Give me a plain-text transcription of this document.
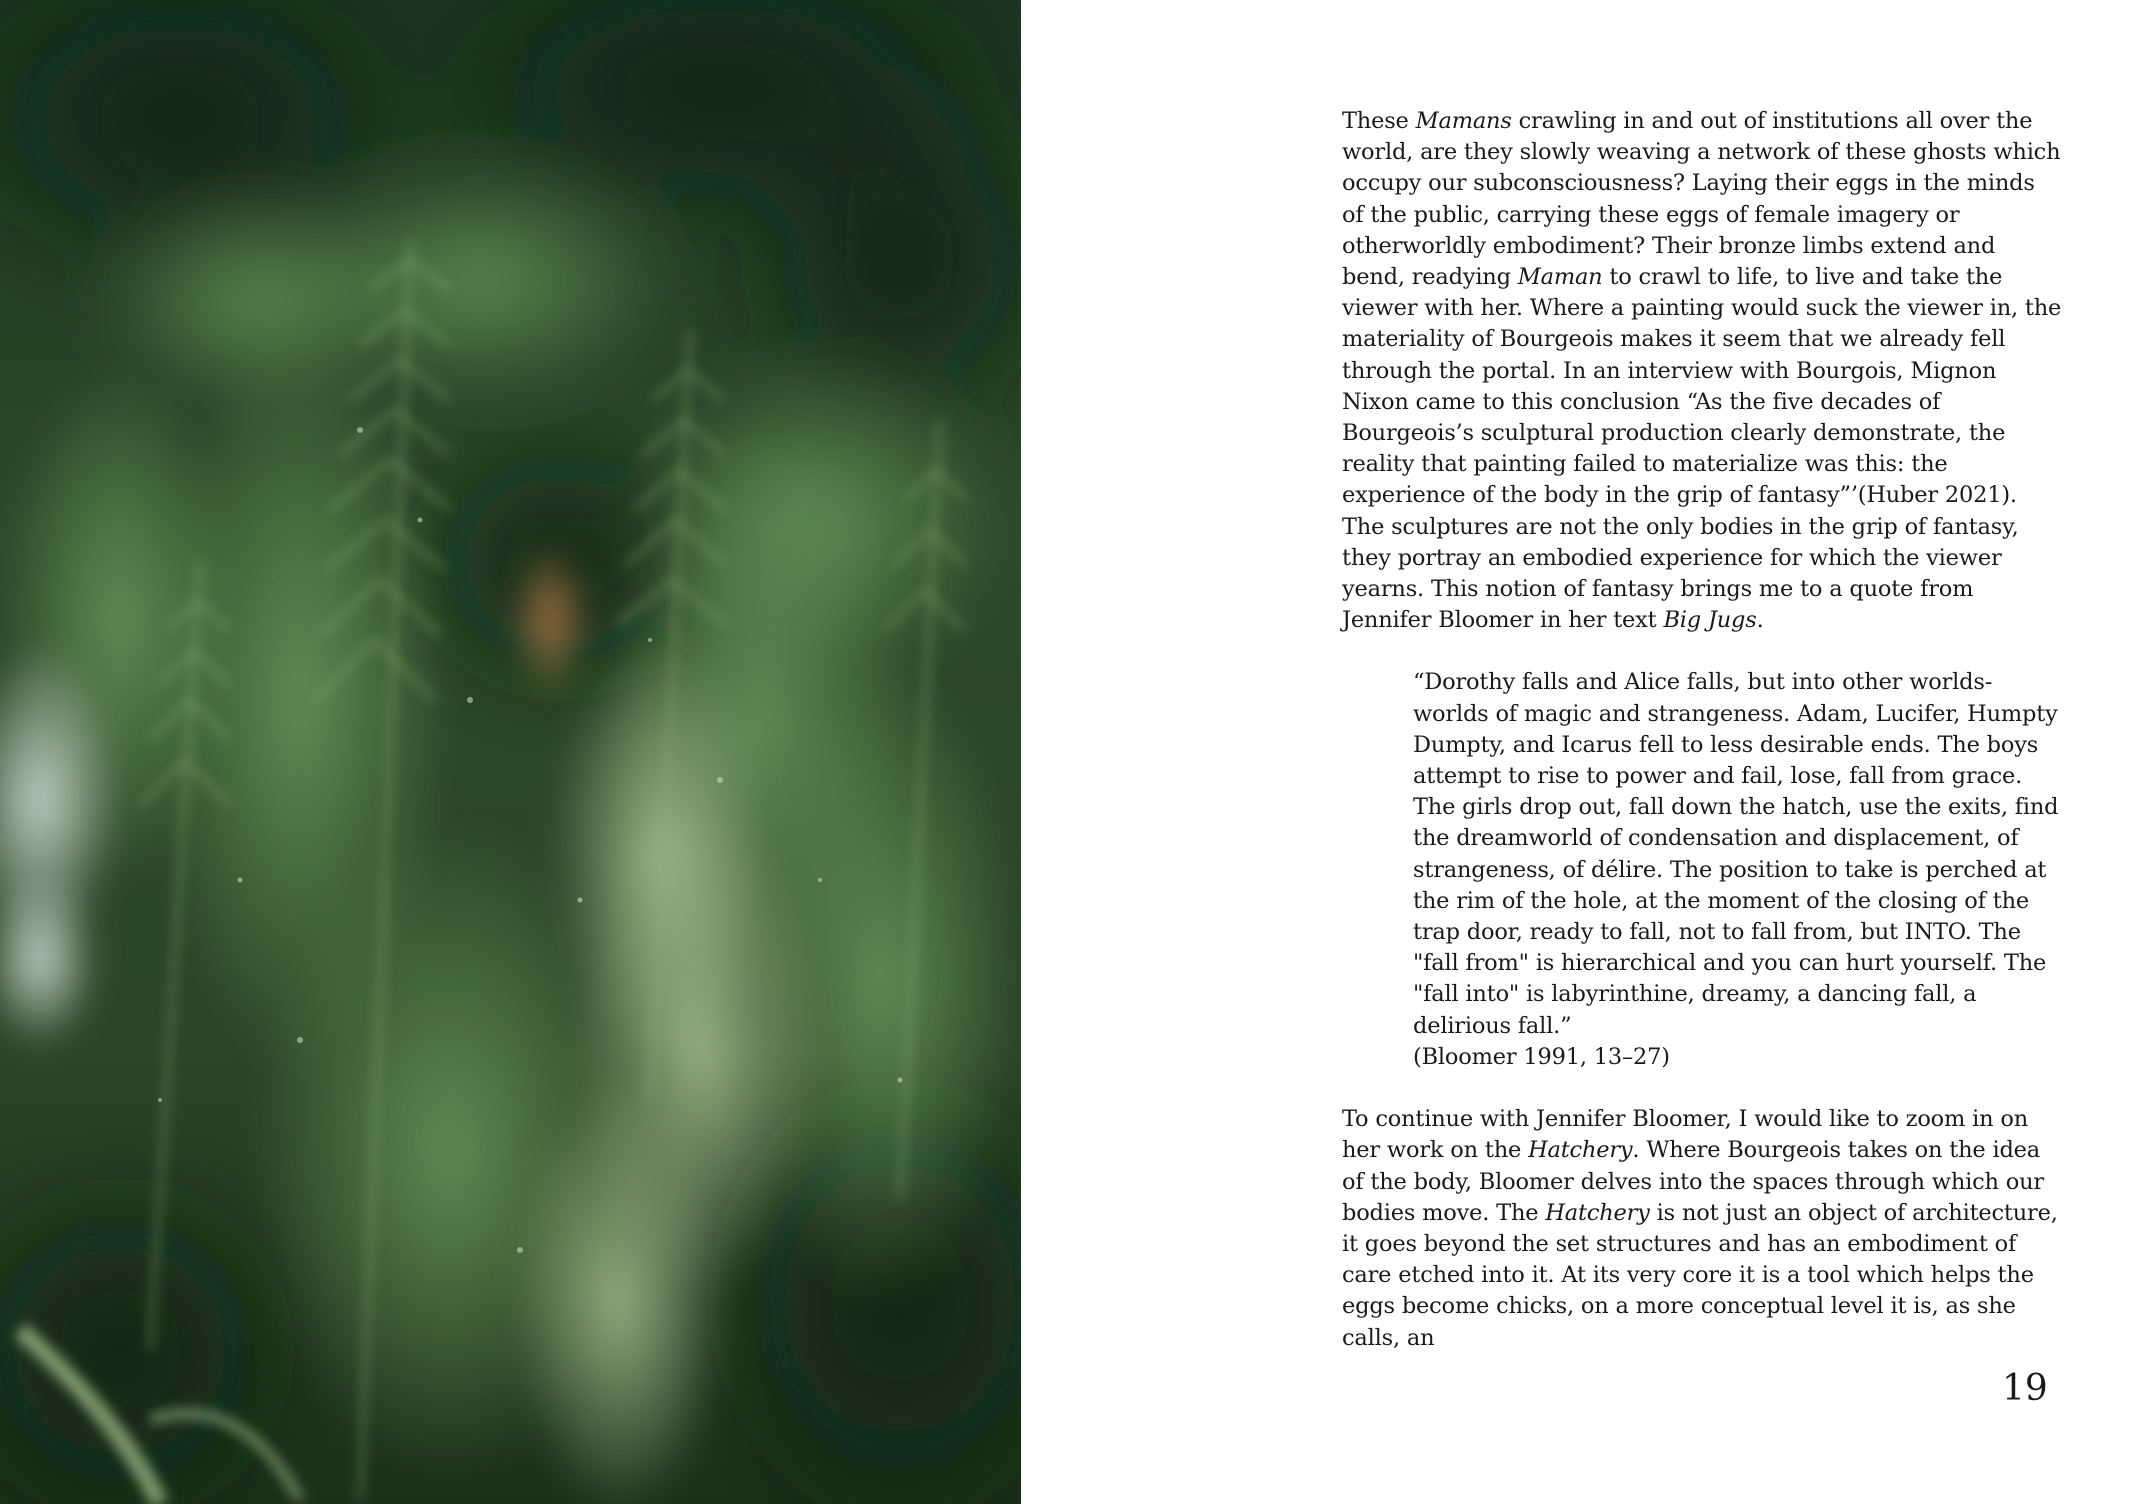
These Mamans crawling in and out of institutions all over the world, are they slowly weaving a network of these ghosts which occupy our subconsciousness? Laying their eggs in the minds of the public, carrying these eggs of female imagery or otherworldly embodiment? Their bronze limbs extend and bend, readying Maman to crawl to life, to live and take the viewer with her. Where a painting would suck the viewer in, the materiality of Bourgeois makes it seem that we already fell through the portal. In an interview with Bourgois, Mignon Nixon came to this conclusion “As the five decades of Bourgeois’s sculptural production clearly demonstrate, the reality that painting failed to materialize was this: the experience of the body in the grip of fantasy”’(Huber 2021). The sculptures are not the only bodies in the grip of fantasy, they portray an embodied experience for which the viewer yearns. This notion of fantasy brings me to a quote from Jennifer Bloomer in her text Big Jugs.

“Dorothy falls and Alice falls, but into other worlds-worlds of magic and strangeness. Adam, Lucifer, Humpty Dumpty, and Icarus fell to less desirable ends. The boys attempt to rise to power and fail, lose, fall from grace. The girls drop out, fall down the hatch, use the exits, find the dreamworld of condensation and displacement, of strangeness, of délire. The position to take is perched at the rim of the hole, at the moment of the closing of the trap door, ready to fall, not to fall from, but INTO. The "fall from" is hierarchical and you can hurt yourself. The "fall into" is labyrinthine, dreamy, a dancing fall, a delirious fall.”

(Bloomer 1991, 13–27)

To continue with Jennifer Bloomer, I would like to zoom in on her work on the Hatchery. Where Bourgeois takes on the idea of the body, Bloomer delves into the spaces through which our bodies move. The Hatchery is not just an object of architecture, it goes beyond the set structures and has an embodiment of care etched into it. At its very core it is a tool which helps the eggs become chicks, on a more conceptual level it is, as she calls, an

19
